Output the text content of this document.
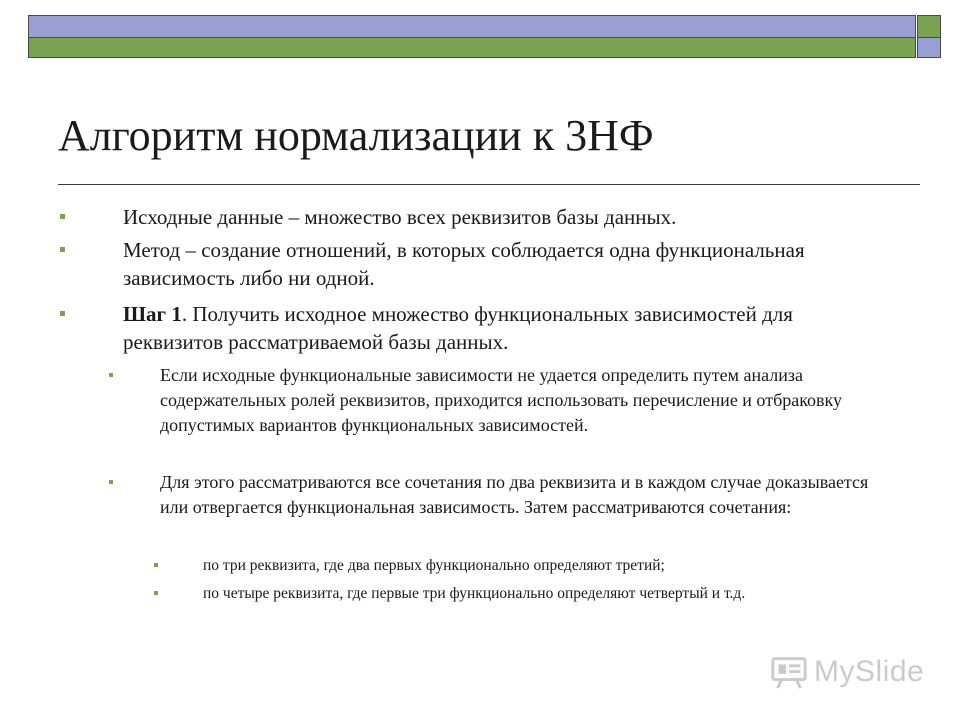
Алгоритм нормализации к 3НФ

Исходные данные – множество всех реквизитов базы данных.

Метод – создание отношений, в которых соблюдается одна функциональная зависимость либо ни одной.

Шаг 1. Получить исходное множество функциональных зависимостей для реквизитов рассматриваемой базы данных.

Если исходные функциональные зависимости не удается определить путем анализа содержательных ролей реквизитов, приходится использовать перечисление и отбраковку допустимых вариантов функциональных зависимостей.

Для этого рассматриваются все сочетания по два реквизита и в каждом случае доказывается или отвергается функциональная зависимость. Затем рассматриваются сочетания:

по три реквизита, где два первых функционально определяют третий;

по четыре реквизита, где первые три функционально определяют четвертый и т.д.

MySlide
